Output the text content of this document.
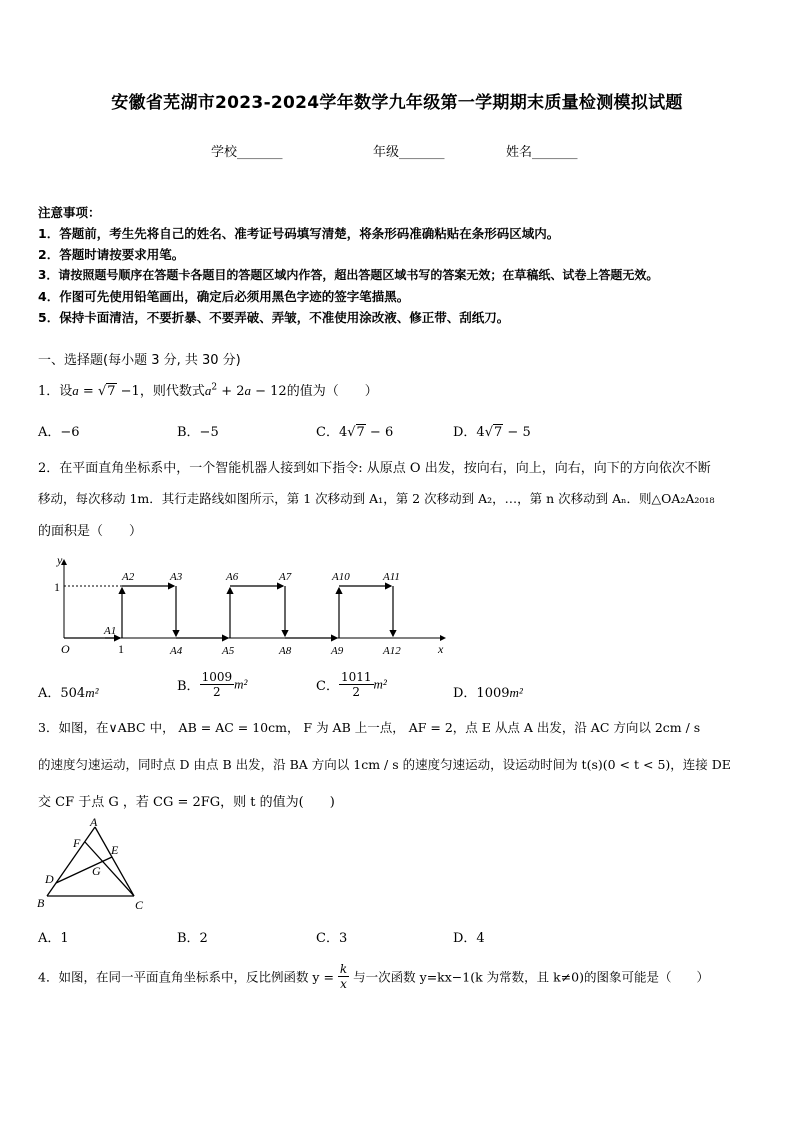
安徽省芜湖市2023-2024学年数学九年级第一学期期末质量检测模拟试题
学校_______	年级_______	姓名_______
注意事项：
1．答题前，考生先将自己的姓名、准考证号码填写清楚，将条形码准确粘贴在条形码区域内。
2．答题时请按要求用笔。
3．请按照题号顺序在答题卡各题目的答题区域内作答，超出答题区域书写的答案无效；在草稿纸、试卷上答题无效。
4．作图可先使用铅笔画出，确定后必须用黑色字迹的签字笔描黑。
5．保持卡面清洁，不要折暴、不要弄破、弄皱，不准使用涂改液、修正带、刮纸刀。
一、选择题(每小题 3 分, 共 30 分)
1．设a = √7 −1，则代数式$a^2 + 2a - 12$的值为（　　）
A．−6	B．−5	C．4√7 − 6	D．4√7 − 5
2．在平面直角坐标系中，一个智能机器人接到如下指令: 从原点 O 出发，按向右，向上，向右，向下的方向依次不断
移动，每次移动 1m．其行走路线如图所示，第 1 次移动到 A₁，第 2 次移动到 A₂，…，第 n 次移动到 Aₙ．则△OA₂A₂₀₁₈
的面积是（　　）
y
x
O
1
A1
A2	A3
A4	A5
A6	A7
A8	A9
A10	A11
A12
1
A．504m²	B． $\frac{1009}{2} m^2$	C． $\frac{1011}{2} m^2$
D．1009m²
3．如图，在∨ABC 中， AB = AC = 10cm， F 为 AB 上一点， AF = 2，点 E 从点 A 出发，沿 AC 方向以 2cm / s
的速度匀速运动，同时点 D 由点 B 出发，沿 BA 方向以 1cm / s 的速度匀速运动，设运动时间为 t(s)(0 < t < 5)，连接 DE
交 CF 于点 G ，若 CG = 2FG，则 t 的值为(　　)
A
F	E
G
D
B	C
A．1	B．2	C．3	D．4
4．如图，在同一平面直角坐标系中，反比例函数 $y = \frac{k}{x}$ 与一次函数 y=kx−1(k 为常数，且 k≠0)的图象可能是（　　）
